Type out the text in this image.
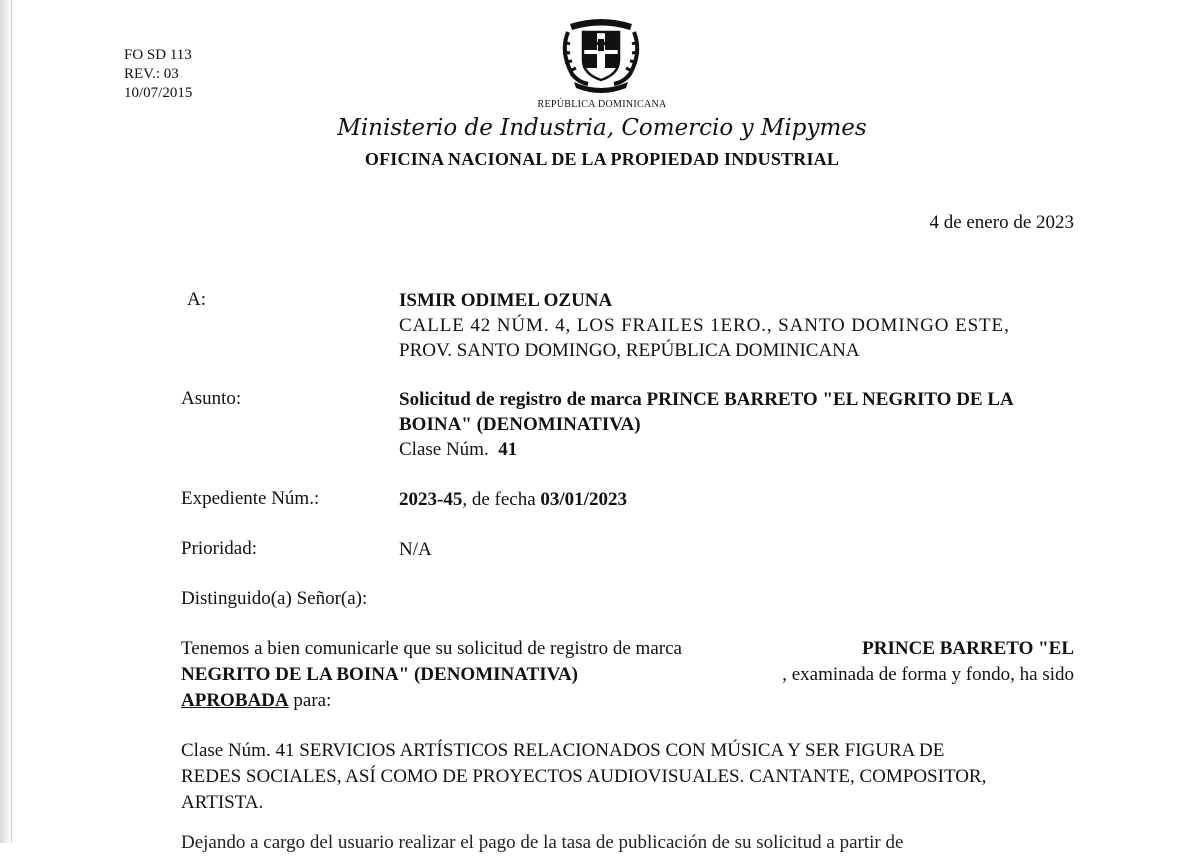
FO SD 113
REV.: 03
10/07/2015
REPÚBLICA DOMINICANA
Ministerio de Industria, Comercio y Mipymes
OFICINA NACIONAL DE LA PROPIEDAD INDUSTRIAL
4 de enero de 2023
A:	ISMIR ODIMEL OZUNA
CALLE 42 NÚM. 4, LOS FRAILES 1ERO., SANTO DOMINGO ESTE,
PROV. SANTO DOMINGO, REPÚBLICA DOMINICANA
Asunto:	Solicitud de registro de marca PRINCE BARRETO "EL NEGRITO DE LA
BOINA" (DENOMINATIVA)
Clase Núm. 41
Expediente Núm.:	2023-45, de fecha 03/01/2023
Prioridad:	N/A
Distinguido(a) Señor(a):
Tenemos a bien comunicarle que su solicitud de registro de marca	PRINCE BARRETO "EL
NEGRITO DE LA BOINA" (DENOMINATIVA)	, examinada de forma y fondo, ha sido
APROBADA para:
Clase Núm. 41 SERVICIOS ARTÍSTICOS RELACIONADOS CON MÚSICA Y SER FIGURA DE
REDES SOCIALES, ASÍ COMO DE PROYECTOS AUDIOVISUALES. CANTANTE, COMPOSITOR,
ARTISTA.
Dejando a cargo del usuario realizar el pago de la tasa de publicación de su solicitud a partir de
